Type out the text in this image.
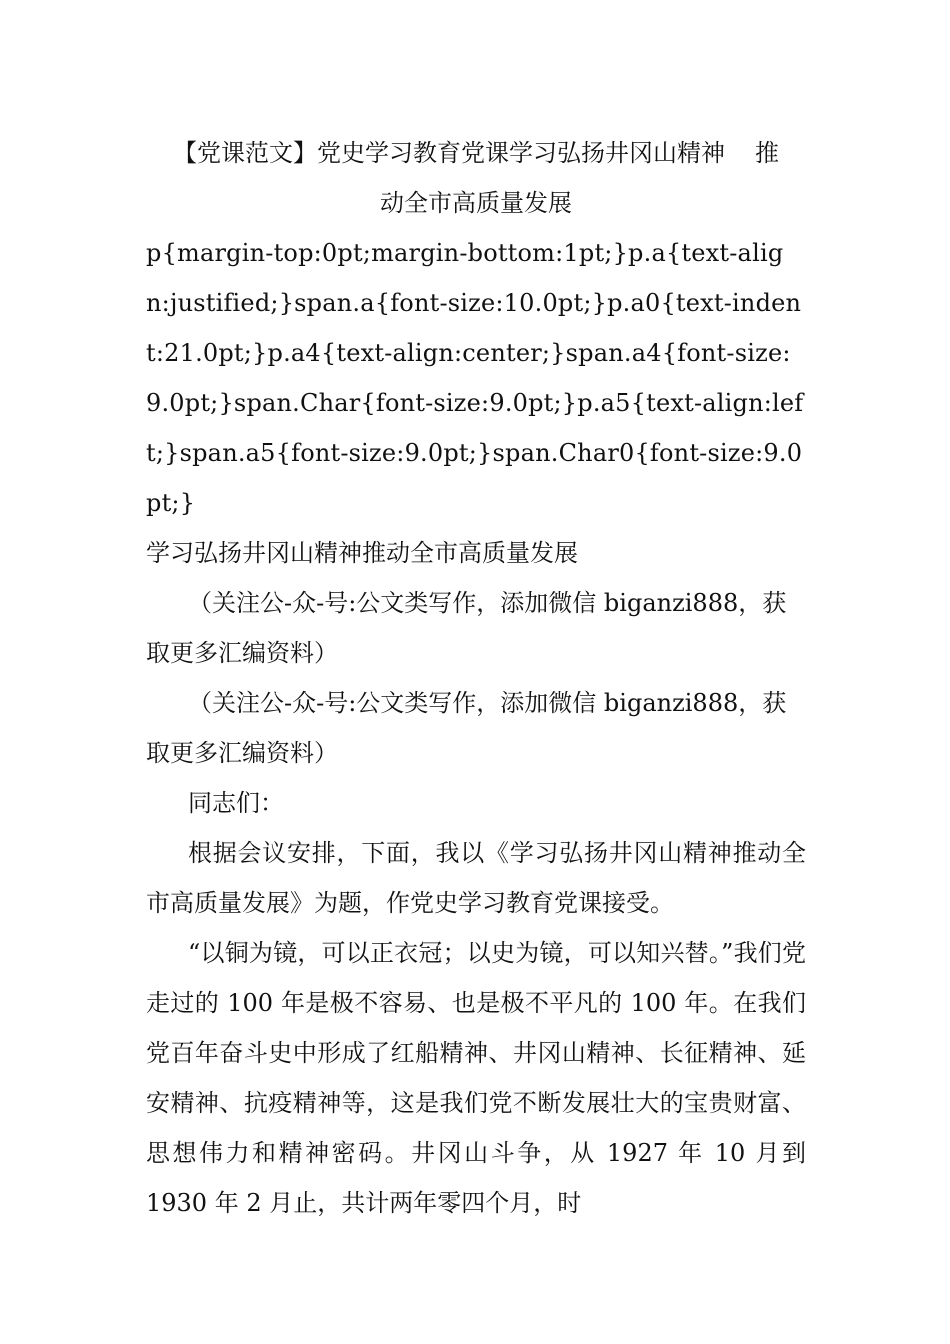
【党课范文】党史学习教育党课学习弘扬井冈山精神 推
动全市高质量发展

p{margin-top:0pt;margin-bottom:1pt;}p.a{text-align:justified;}span.a{font-size:10.0pt;}p.a0{text-indent:21.0pt;}p.a4{text-align:center;}span.a4{font-size:9.0pt;}span.Char{font-size:9.0pt;}p.a5{text-align:left;}span.a5{font-size:9.0pt;}span.Char0{font-size:9.0pt;}

学习弘扬井冈山精神推动全市高质量发展

（关注公-众-号:公文类写作，添加微信 biganzi888，获取更多汇编资料）

（关注公-众-号:公文类写作，添加微信 biganzi888，获取更多汇编资料）

同志们：

根据会议安排，下面，我以《学习弘扬井冈山精神推动全市高质量发展》为题，作党史学习教育党课接受。

“以铜为镜，可以正衣冠；以史为镜，可以知兴替。”我们党走过的 100 年是极不容易、也是极不平凡的 100 年。在我们党百年奋斗史中形成了红船精神、井冈山精神、长征精神、延安精神、抗疫精神等，这是我们党不断发展壮大的宝贵财富、思想伟力和精神密码。井冈山斗争，从 1927 年 10 月到 1930 年 2 月止，共计两年零四个月，时
